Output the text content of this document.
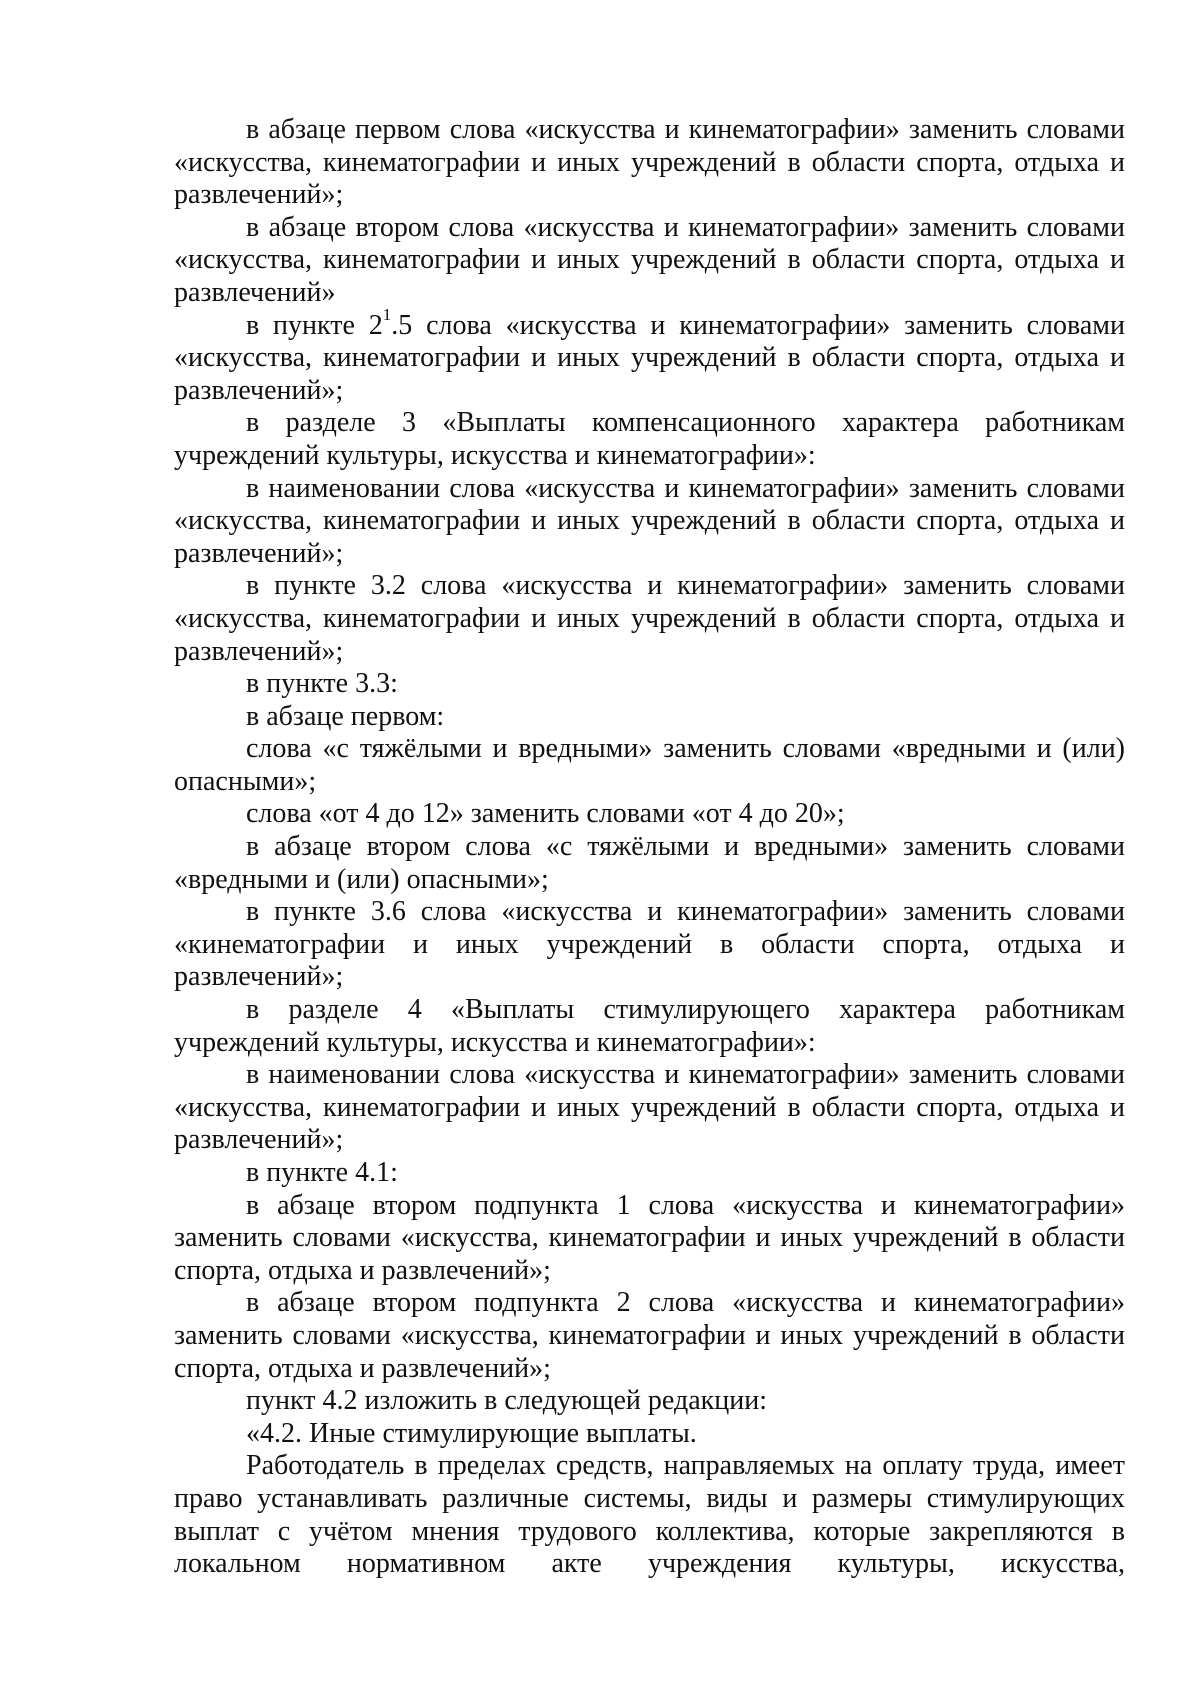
в абзаце первом слова «искусства и кинематографии» заменить словами «искусства, кинематографии и иных учреждений в области спорта, отдыха и развлечений»;

в абзаце втором слова «искусства и кинематографии» заменить словами «искусства, кинематографии и иных учреждений в области спорта, отдыха и развлечений»

в пункте $2^1.5$ слова «искусства и кинематографии» заменить словами «искусства, кинематографии и иных учреждений в области спорта, отдыха и развлечений»;

в разделе 3 «Выплаты компенсационного характера работникам учреждений культуры, искусства и кинематографии»:

в наименовании слова «искусства и кинематографии» заменить словами «искусства, кинематографии и иных учреждений в области спорта, отдыха и развлечений»;

в пункте 3.2 слова «искусства и кинематографии» заменить словами «искусства, кинематографии и иных учреждений в области спорта, отдыха и развлечений»;

в пункте 3.3:

в абзаце первом:

слова «с тяжёлыми и вредными» заменить словами «вредными и (или) опасными»;

слова «от 4 до 12» заменить словами «от 4 до 20»;

в абзаце втором слова «с тяжёлыми и вредными» заменить словами «вредными и (или) опасными»;

в пункте 3.6 слова «искусства и кинематографии» заменить словами «кинематографии и иных учреждений в области спорта, отдыха и развлечений»;

в разделе 4 «Выплаты стимулирующего характера работникам учреждений культуры, искусства и кинематографии»:

в наименовании слова «искусства и кинематографии» заменить словами «искусства, кинематографии и иных учреждений в области спорта, отдыха и развлечений»;

в пункте 4.1:

в абзаце втором подпункта 1 слова «искусства и кинематографии» заменить словами «искусства, кинематографии и иных учреждений в области спорта, отдыха и развлечений»;

в абзаце втором подпункта 2 слова «искусства и кинематографии» заменить словами «искусства, кинематографии и иных учреждений в области спорта, отдыха и развлечений»;

пункт 4.2 изложить в следующей редакции:

«4.2. Иные стимулирующие выплаты.

Работодатель в пределах средств, направляемых на оплату труда, имеет право устанавливать различные системы, виды и размеры стимулирующих выплат с учётом мнения трудового коллектива, которые закрепляются в локальном нормативном акте учреждения культуры, искусства,
